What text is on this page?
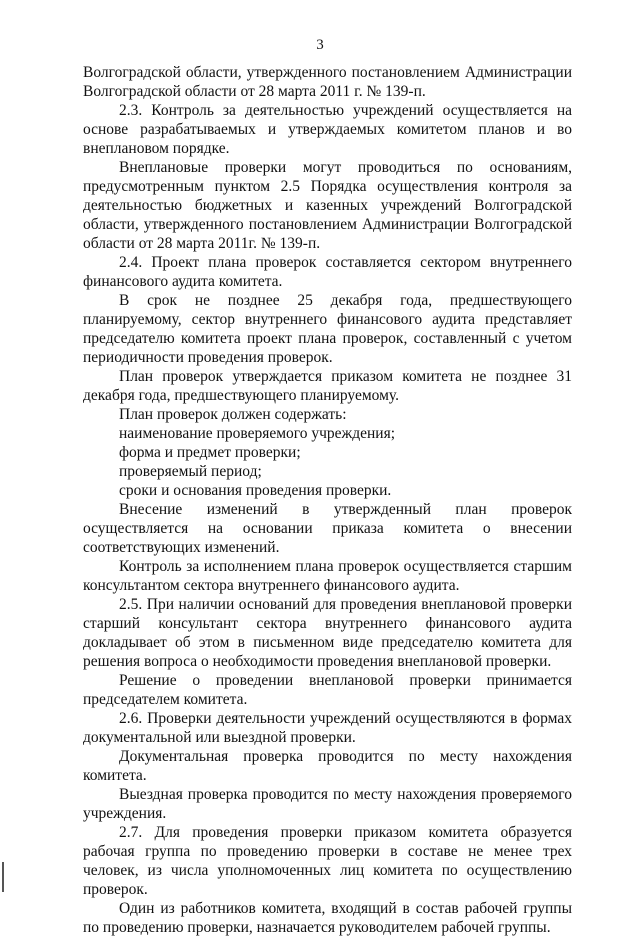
3

Волгоградской области, утвержденного постановлением Администрации Волгоградской области от 28 марта 2011 г. № 139-п.

2.3. Контроль за деятельностью учреждений осуществляется на основе разрабатываемых и утверждаемых комитетом планов и во внеплановом порядке.

Внеплановые проверки могут проводиться по основаниям, предусмотренным пунктом 2.5 Порядка осуществления контроля за деятельностью бюджетных и казенных учреждений Волгоградской области, утвержденного постановлением Администрации Волгоградской области от 28 марта 2011г. № 139-п.

2.4. Проект плана проверок составляется сектором внутреннего финансового аудита комитета.

В срок не позднее 25 декабря года, предшествующего планируемому, сектор внутреннего финансового аудита представляет председателю комитета проект плана проверок, составленный с учетом периодичности проведения проверок.

План проверок утверждается приказом комитета не позднее 31 декабря года, предшествующего планируемому.

План проверок должен содержать:

наименование проверяемого учреждения;

форма и предмет проверки;

проверяемый период;

сроки и основания проведения проверки.

Внесение изменений в утвержденный план проверок осуществляется на основании приказа комитета о внесении соответствующих изменений.

Контроль за исполнением плана проверок осуществляется старшим консультантом сектора внутреннего финансового аудита.

2.5. При наличии оснований для проведения внеплановой проверки старший консультант сектора внутреннего финансового аудита докладывает об этом в письменном виде председателю комитета для решения вопроса о необходимости проведения внеплановой проверки.

Решение о проведении внеплановой проверки принимается председателем комитета.

2.6. Проверки деятельности учреждений осуществляются в формах документальной или выездной проверки.

Документальная проверка проводится по месту нахождения комитета.

Выездная проверка проводится по месту нахождения проверяемого учреждения.

2.7. Для проведения проверки приказом комитета образуется рабочая группа по проведению проверки в составе не менее трех человек, из числа уполномоченных лиц комитета по осуществлению проверок.

Один из работников комитета, входящий в состав рабочей группы по проведению проверки, назначается руководителем рабочей группы.
